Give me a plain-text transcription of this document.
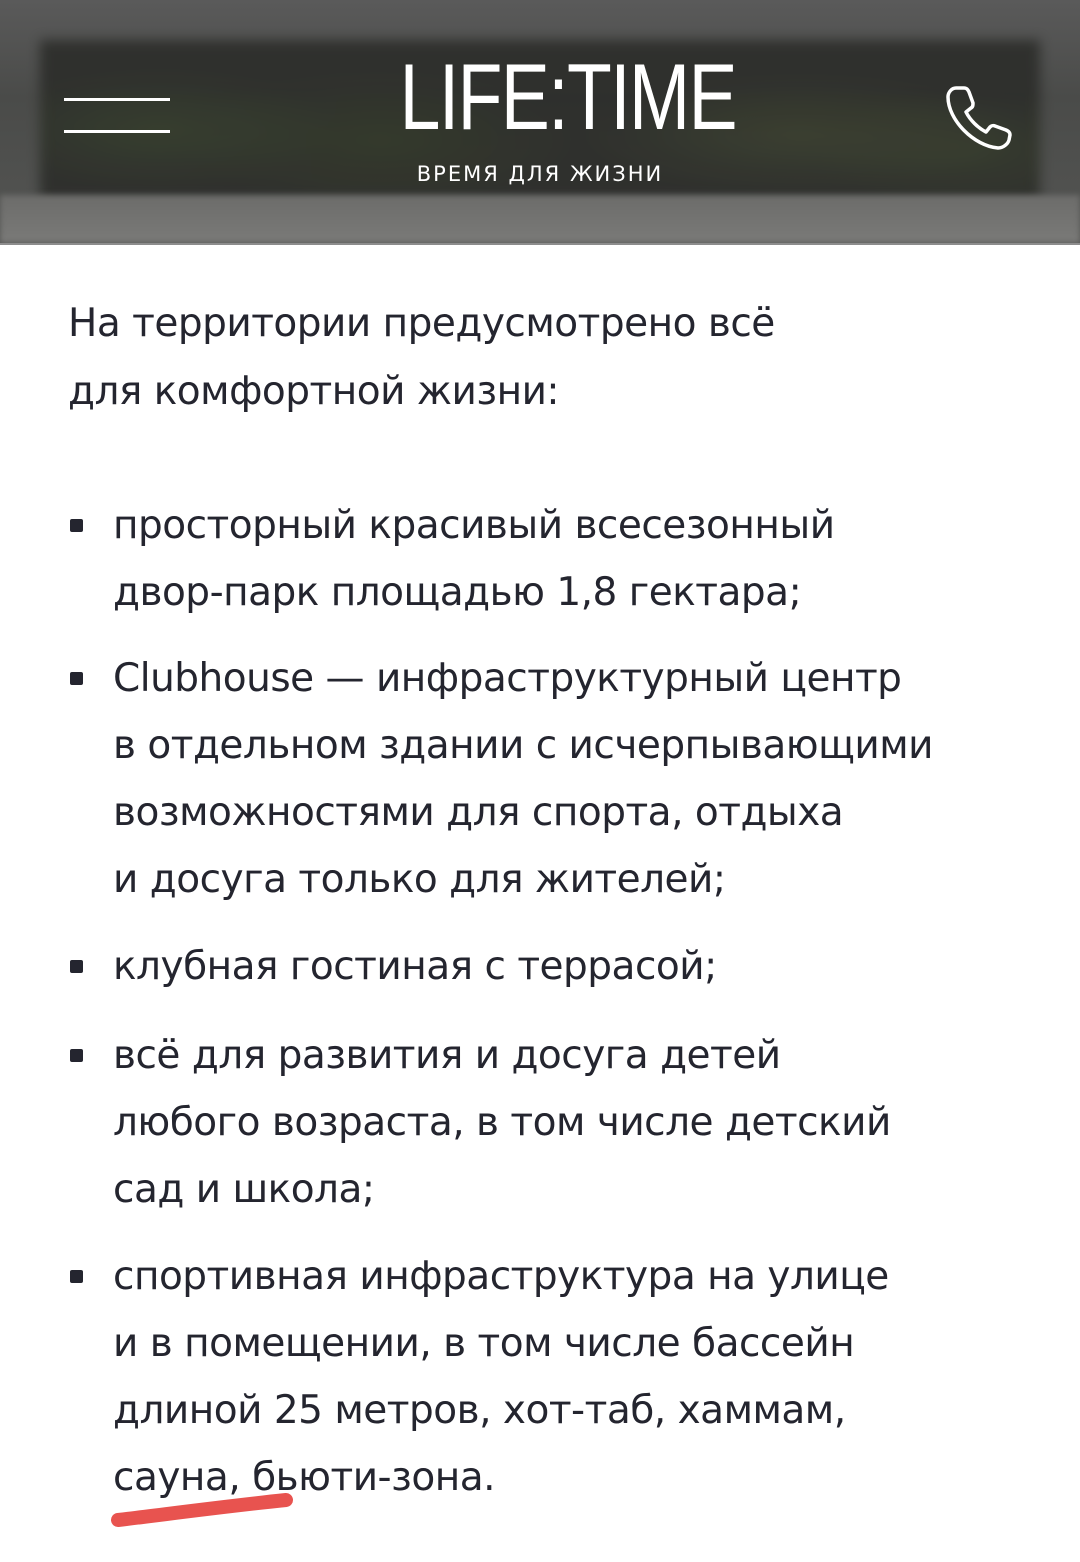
LIFE:TIME
ВРЕМЯ ДЛЯ ЖИЗНИ

На территории предусмотрено всё
для комфортной жизни:

просторный красивый всесезонный
двор-парк площадью 1,8 гектара;

Clubhouse — инфраструктурный центр
в отдельном здании с исчерпывающими
возможностями для спорта, отдыха
и досуга только для жителей;

клубная гостиная с террасой;

всё для развития и досуга детей
любого возраста, в том числе детский
сад и школа;

спортивная инфраструктура на улице
и в помещении, в том числе бассейн
длиной 25 метров, хот-таб, хаммам,
сауна, бьюти-зона.
